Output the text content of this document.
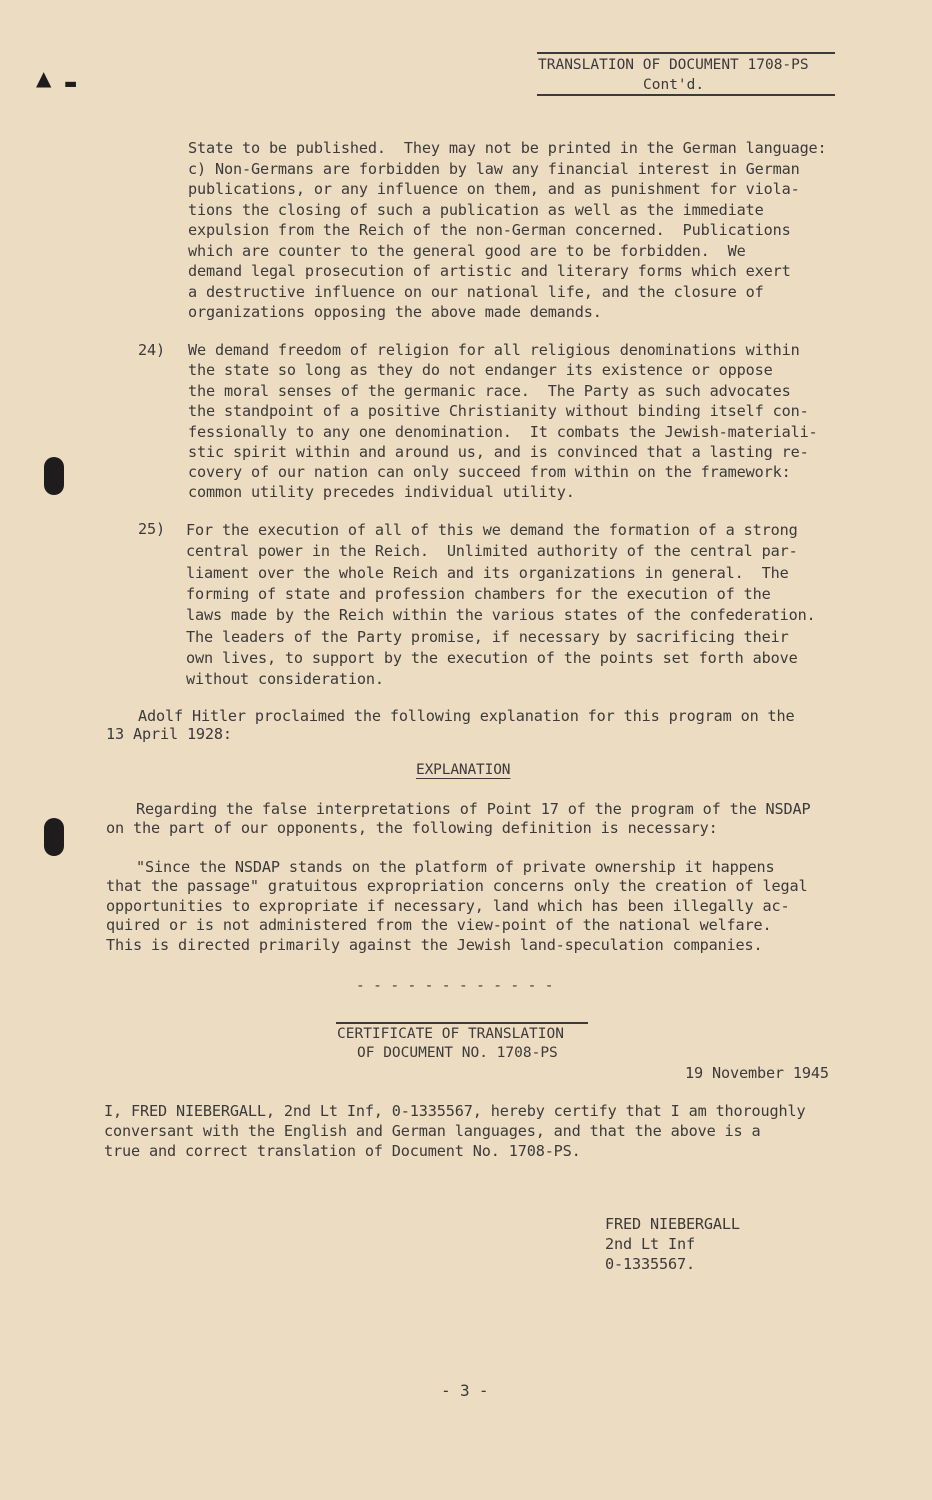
▲ ▬
TRANSLATION OF DOCUMENT 1708-PS
Cont'd.
State to be published.  They may not be printed in the German language:
c) Non-Germans are forbidden by law any financial interest in German
publications, or any influence on them, and as punishment for viola-
tions the closing of such a publication as well as the immediate
expulsion from the Reich of the non-German concerned.  Publications
which are counter to the general good are to be forbidden.  We
demand legal prosecution of artistic and literary forms which exert
a destructive influence on our national life, and the closure of
organizations opposing the above made demands.
24) We demand freedom of religion for all religious denominations within
the state so long as they do not endanger its existence or oppose
the moral senses of the germanic race.  The Party as such advocates
the standpoint of a positive Christianity without binding itself con-
fessionally to any one denomination.  It combats the Jewish-materiali-
stic spirit within and around us, and is convinced that a lasting re-
covery of our nation can only succeed from within on the framework:
common utility precedes individual utility.
25) For the execution of all of this we demand the formation of a strong
central power in the Reich.  Unlimited authority of the central par-
liament over the whole Reich and its organizations in general.  The
forming of state and profession chambers for the execution of the
laws made by the Reich within the various states of the confederation.
The leaders of the Party promise, if necessary by sacrificing their
own lives, to support by the execution of the points set forth above
without consideration.
Adolf Hitler proclaimed the following explanation for this program on the
13 April 1928:
EXPLANATION
Regarding the false interpretations of Point 17 of the program of the NSDAP
on the part of our opponents, the following definition is necessary:
"Since the NSDAP stands on the platform of private ownership it happens
that the passage" gratuitous expropriation concerns only the creation of legal
opportunities to expropriate if necessary, land which has been illegally ac-
quired or is not administered from the view-point of the national welfare.
This is directed primarily against the Jewish land-speculation companies.
- - - - - - - - - - - -
CERTIFICATE OF TRANSLATION
OF DOCUMENT NO. 1708-PS
19 November 1945
I, FRED NIEBERGALL, 2nd Lt Inf, 0-1335567, hereby certify that I am thoroughly
conversant with the English and German languages, and that the above is a
true and correct translation of Document No. 1708-PS.
FRED NIEBERGALL
2nd Lt Inf
0-1335567.
- 3 -
